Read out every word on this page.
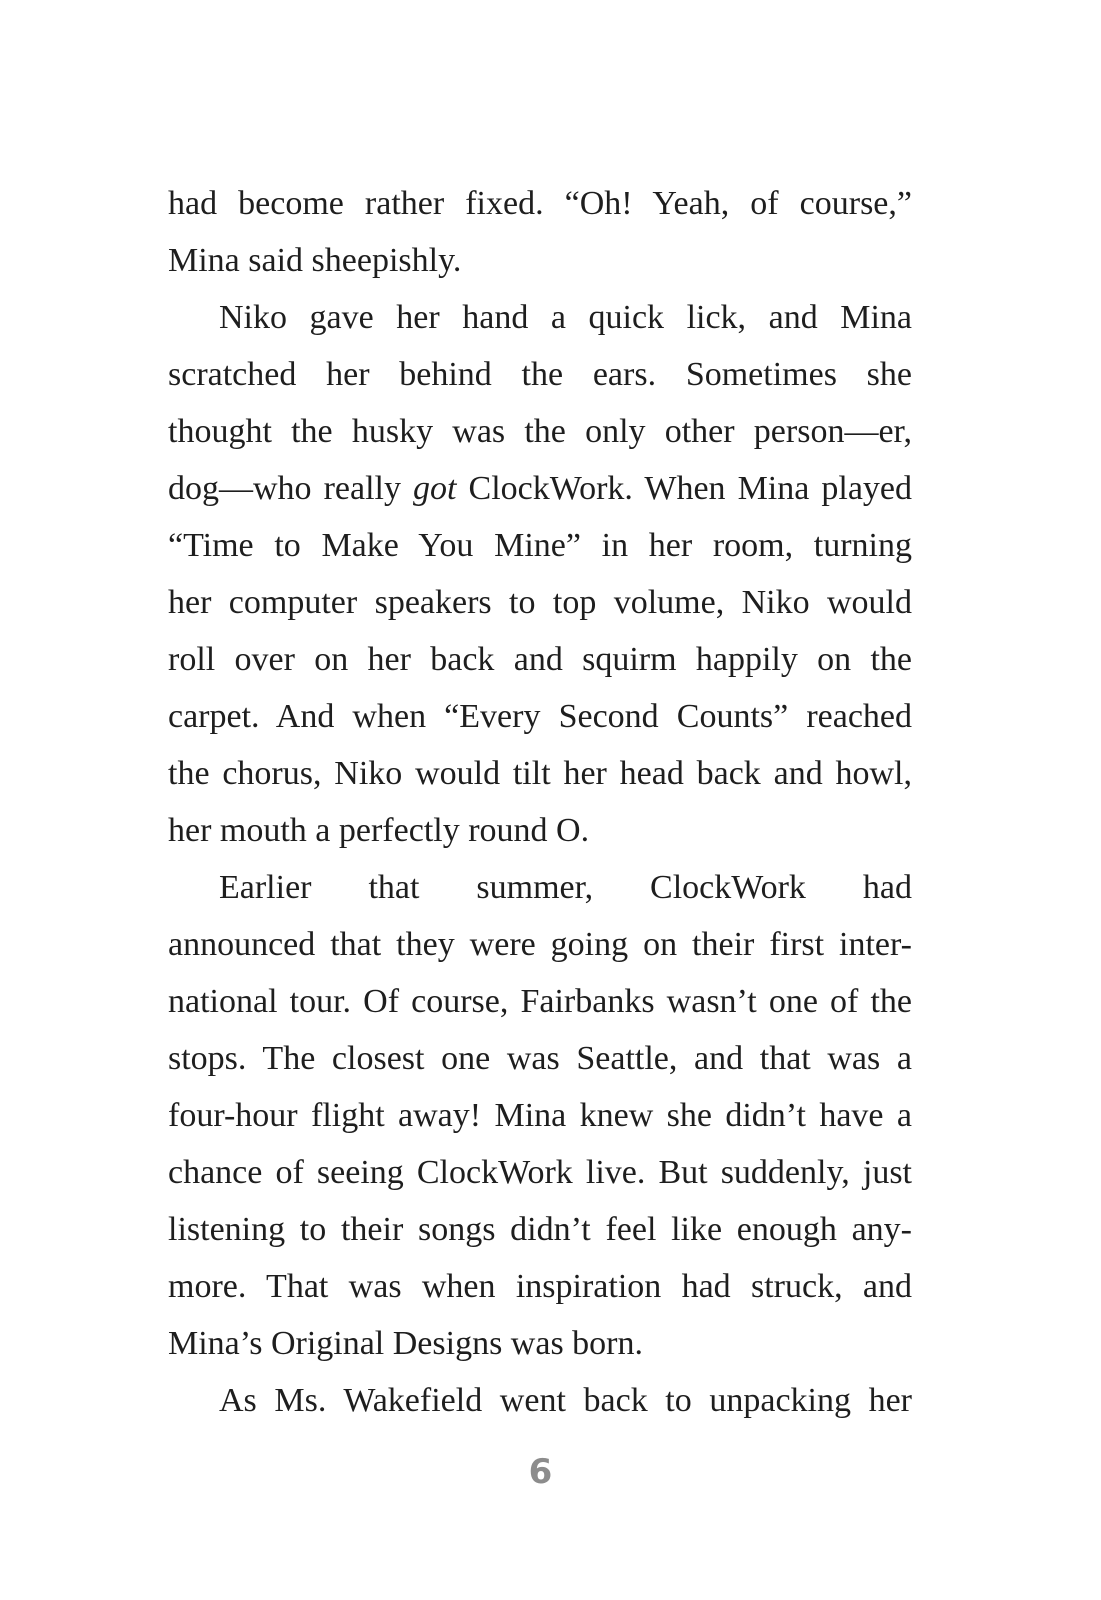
had become rather fixed. “Oh! Yeah, of course,”
Mina said sheepishly.
Niko gave her hand a quick lick, and Mina
scratched her behind the ears. Sometimes she
thought the husky was the only other person—er,
dog—who really got ClockWork. When Mina played
“Time to Make You Mine” in her room, turning
her computer speakers to top volume, Niko would
roll over on her back and squirm happily on the
carpet. And when “Every Second Counts” reached
the chorus, Niko would tilt her head back and howl,
her mouth a perfectly round O.
Earlier that summer, ClockWork had
announced that they were going on their first inter-
national tour. Of course, Fairbanks wasn’t one of the
stops. The closest one was Seattle, and that was a
four-hour flight away! Mina knew she didn’t have a
chance of seeing ClockWork live. But suddenly, just
listening to their songs didn’t feel like enough any-
more. That was when inspiration had struck, and
Mina’s Original Designs was born.
As Ms. Wakefield went back to unpacking her
6
